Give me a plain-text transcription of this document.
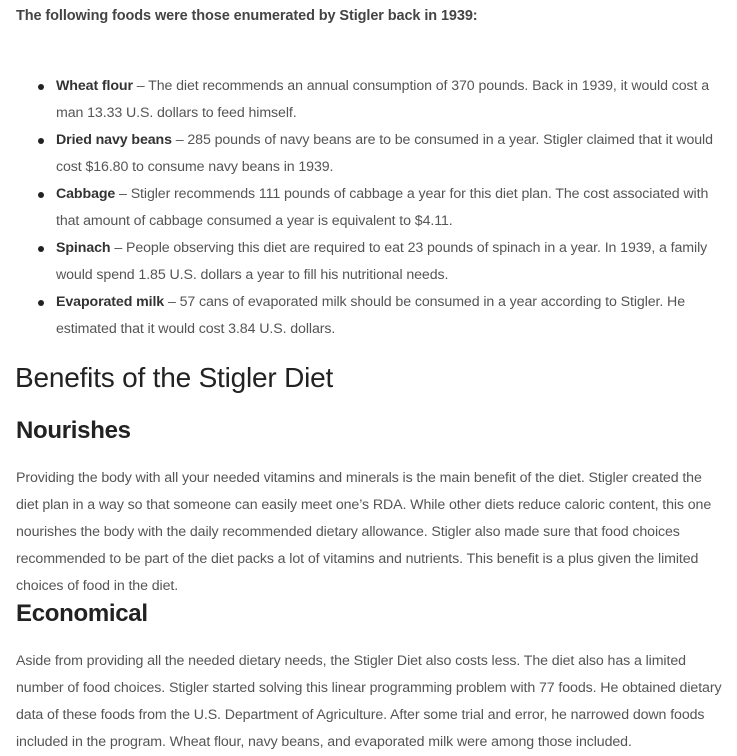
The following foods were those enumerated by Stigler back in 1939:
Wheat flour – The diet recommends an annual consumption of 370 pounds. Back in 1939, it would cost a man 13.33 U.S. dollars to feed himself.
Dried navy beans – 285 pounds of navy beans are to be consumed in a year. Stigler claimed that it would cost $16.80 to consume navy beans in 1939.
Cabbage – Stigler recommends 111 pounds of cabbage a year for this diet plan. The cost associated with that amount of cabbage consumed a year is equivalent to $4.11.
Spinach – People observing this diet are required to eat 23 pounds of spinach in a year. In 1939, a family would spend 1.85 U.S. dollars a year to fill his nutritional needs.
Evaporated milk – 57 cans of evaporated milk should be consumed in a year according to Stigler. He estimated that it would cost 3.84 U.S. dollars.
Benefits of the Stigler Diet
Nourishes

Providing the body with all your needed vitamins and minerals is the main benefit of the diet. Stigler created the diet plan in a way so that someone can easily meet one’s RDA. While other diets reduce caloric content, this one nourishes the body with the daily recommended dietary allowance. Stigler also made sure that food choices recommended to be part of the diet packs a lot of vitamins and nutrients. This benefit is a plus given the limited choices of food in the diet.

Economical

Aside from providing all the needed dietary needs, the Stigler Diet also costs less. The diet also has a limited number of food choices. Stigler started solving this linear programming problem with 77 foods. He obtained dietary data of these foods from the U.S. Department of Agriculture. After some trial and error, he narrowed down foods included in the program. Wheat flour, navy beans, and evaporated milk were among those included.
